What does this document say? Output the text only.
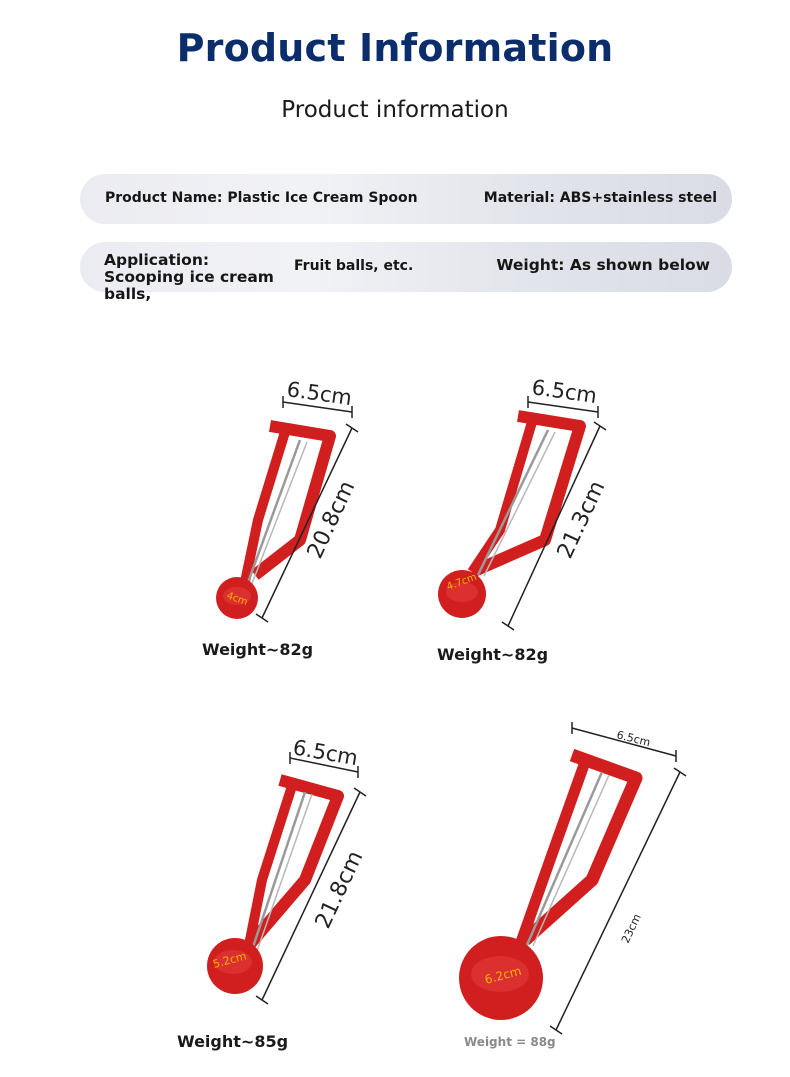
Product Information
Product information
Product Name: Plastic Ice Cream Spoon	Material: ABS+stainless steel
Application: Scooping ice cream balls,
Fruit balls, etc.	Weight: As shown below
6.5cm
20.8cm
4cm
6.5cm
21.3cm
4.7cm
6.5cm
21.8cm
5.2cm
6.5cm
23cm
6.2cm
Weight~82g	Weight~82g
Weight~85g	Weight = 88g
